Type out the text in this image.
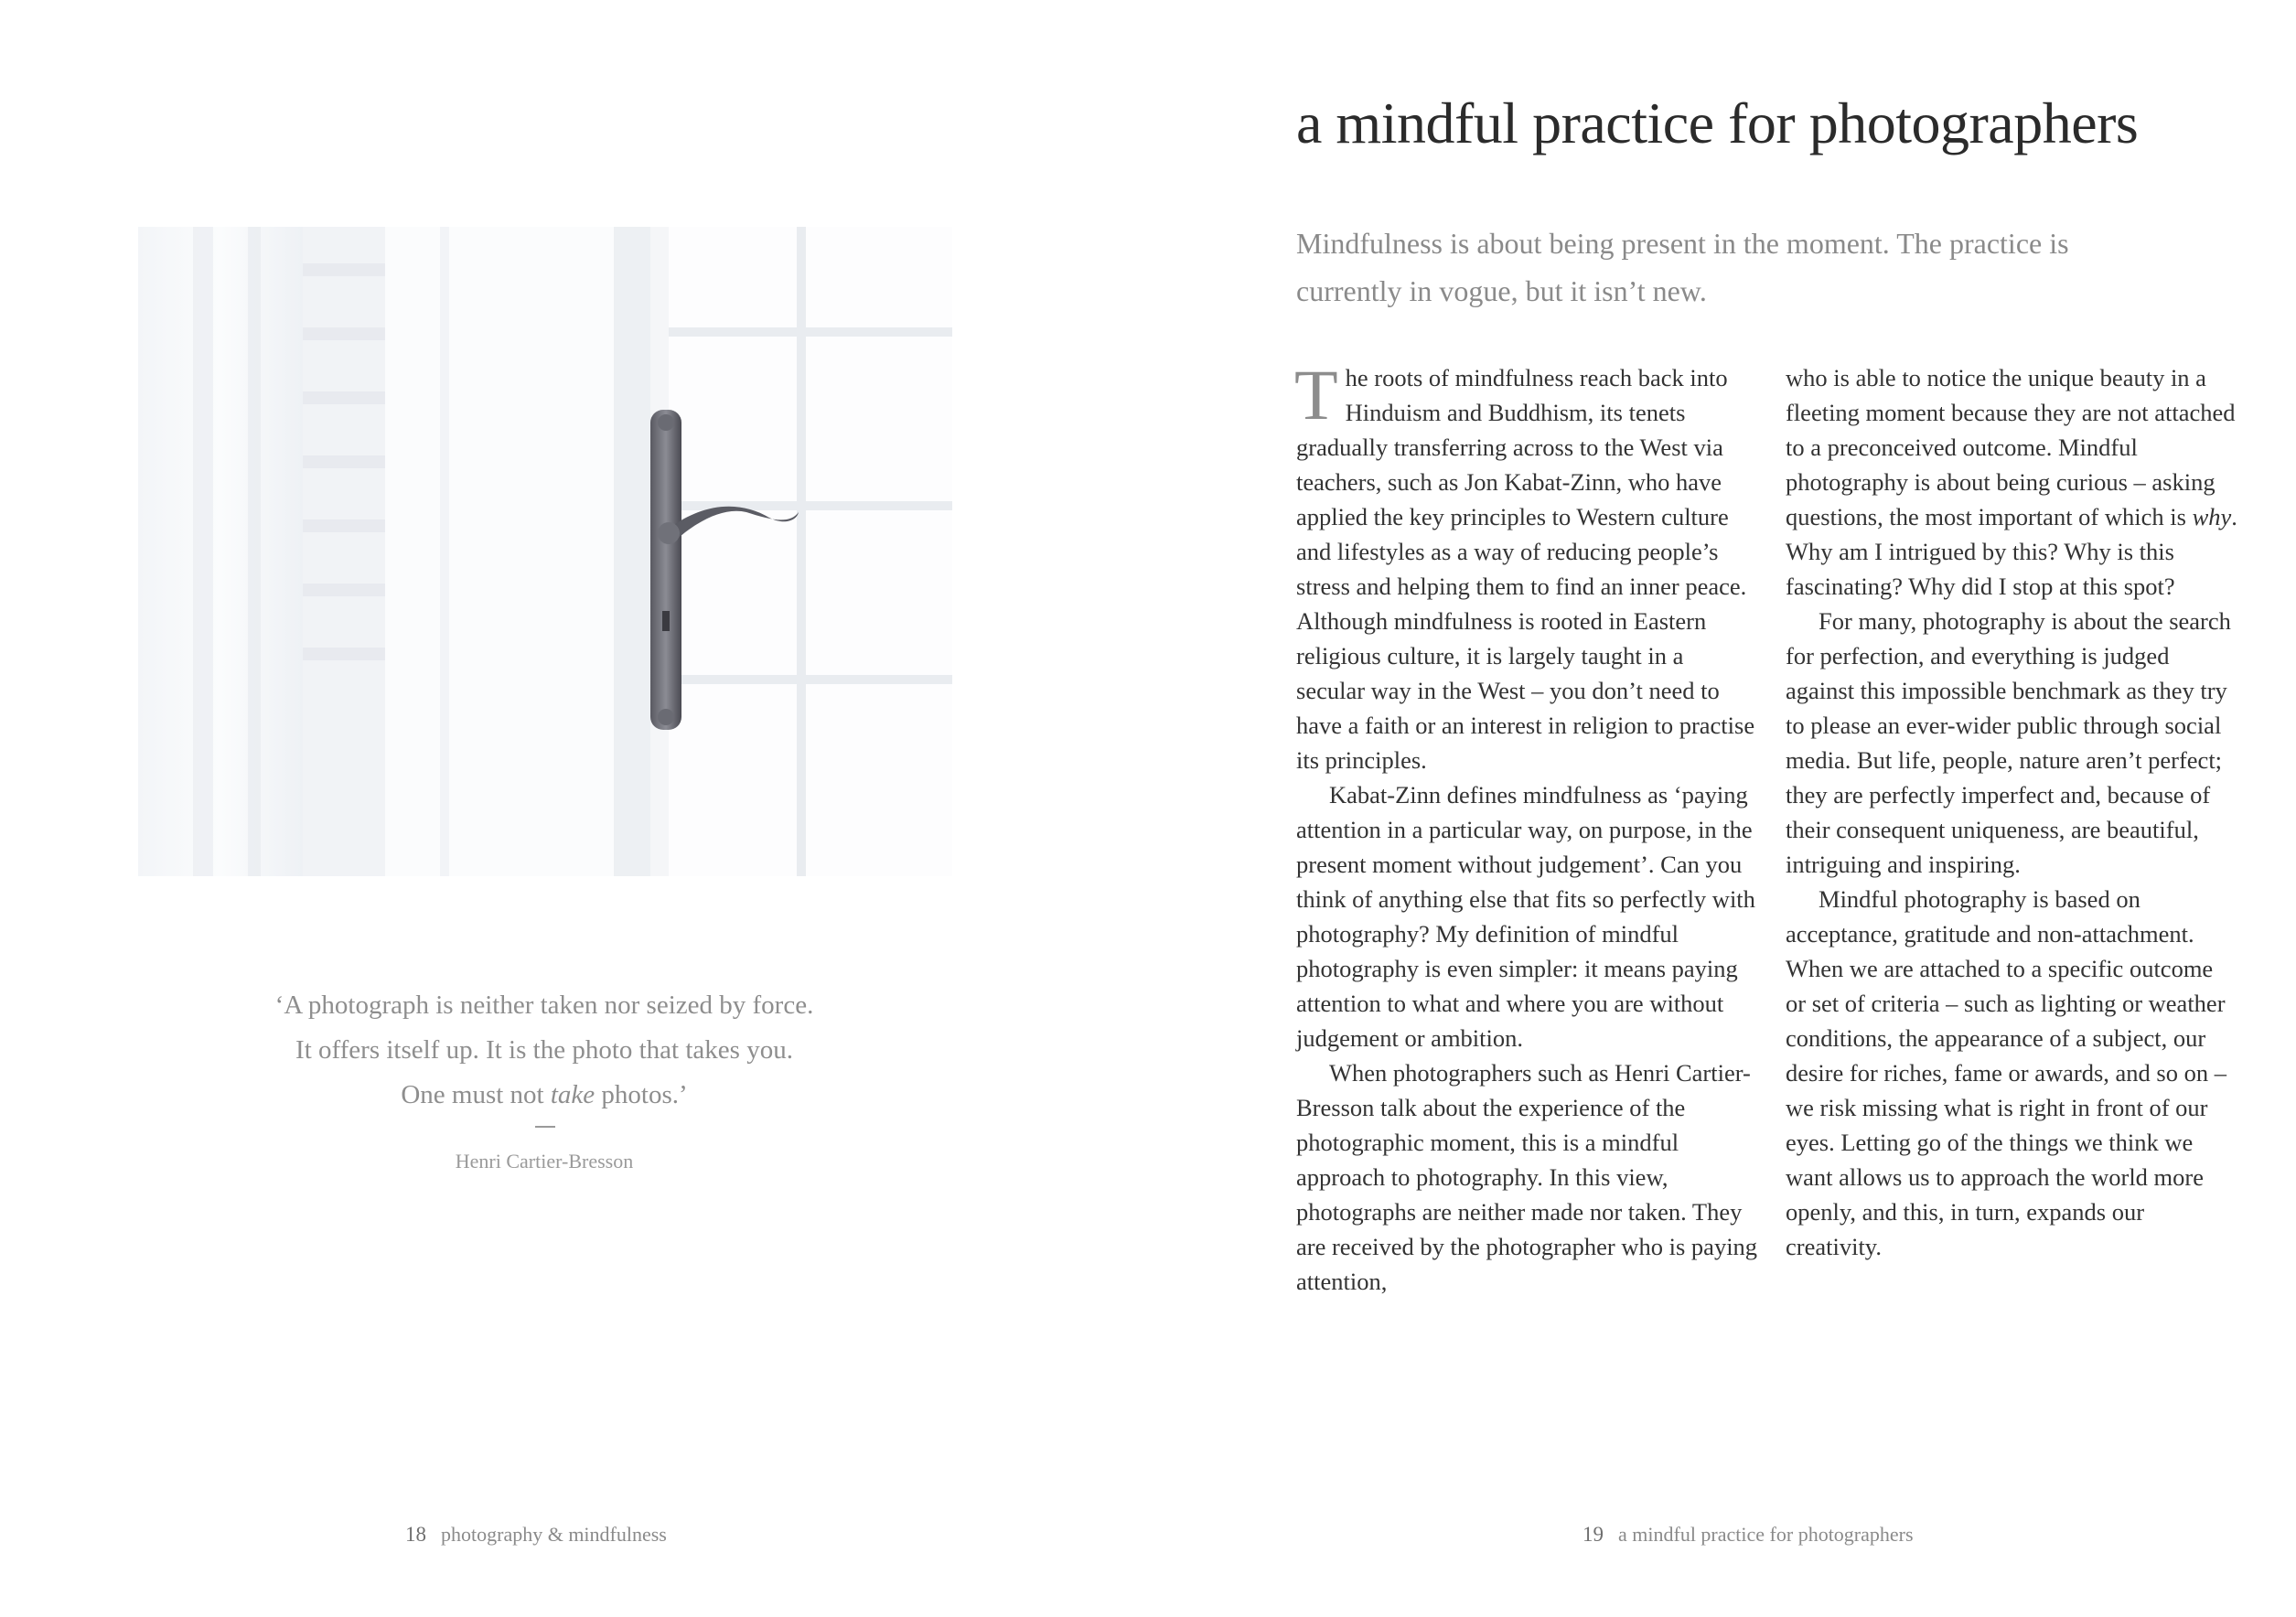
‘A photograph is neither taken nor seized by force. It offers itself up. It is the photo that takes you. One must not take photos.’
Henri Cartier-Bresson
18 photography & mindfulness
a mindful practice for photographers
Mindfulness is about being present in the moment. The practice is currently in vogue, but it isn’t new.

The roots of mindfulness reach back into Hinduism and Buddhism, its tenets gradually transferring across to the West via teachers, such as Jon Kabat-Zinn, who have applied the key principles to Western culture and lifestyles as a way of reducing people’s stress and helping them to find an inner peace. Although mindfulness is rooted in Eastern religious culture, it is largely taught in a secular way in the West – you don’t need to have a faith or an interest in religion to practise its principles.

Kabat-Zinn defines mindfulness as ‘paying attention in a particular way, on purpose, in the present moment without judgement’. Can you think of anything else that fits so perfectly with photography? My definition of mindful photography is even simpler: it means paying attention to what and where you are without judgement or ambition.

When photographers such as Henri Cartier-Bresson talk about the experience of the photographic moment, this is a mindful approach to photography. In this view, photographs are neither made nor taken. They are received by the photographer who is paying attention,

who is able to notice the unique beauty in a fleeting moment because they are not attached to a preconceived outcome. Mindful photography is about being curious – asking questions, the most important of which is why. Why am I intrigued by this? Why is this fascinating? Why did I stop at this spot?

For many, photography is about the search for perfection, and everything is judged against this impossible benchmark as they try to please an ever-wider public through social media. But life, people, nature aren’t perfect; they are perfectly imperfect and, because of their consequent uniqueness, are beautiful, intriguing and inspiring.

Mindful photography is based on acceptance, gratitude and non-attachment. When we are attached to a specific outcome or set of criteria – such as lighting or weather conditions, the appearance of a subject, our desire for riches, fame or awards, and so on – we risk missing what is right in front of our eyes. Letting go of the things we think we want allows us to approach the world more openly, and this, in turn, expands our creativity.

19 a mindful practice for photographers
